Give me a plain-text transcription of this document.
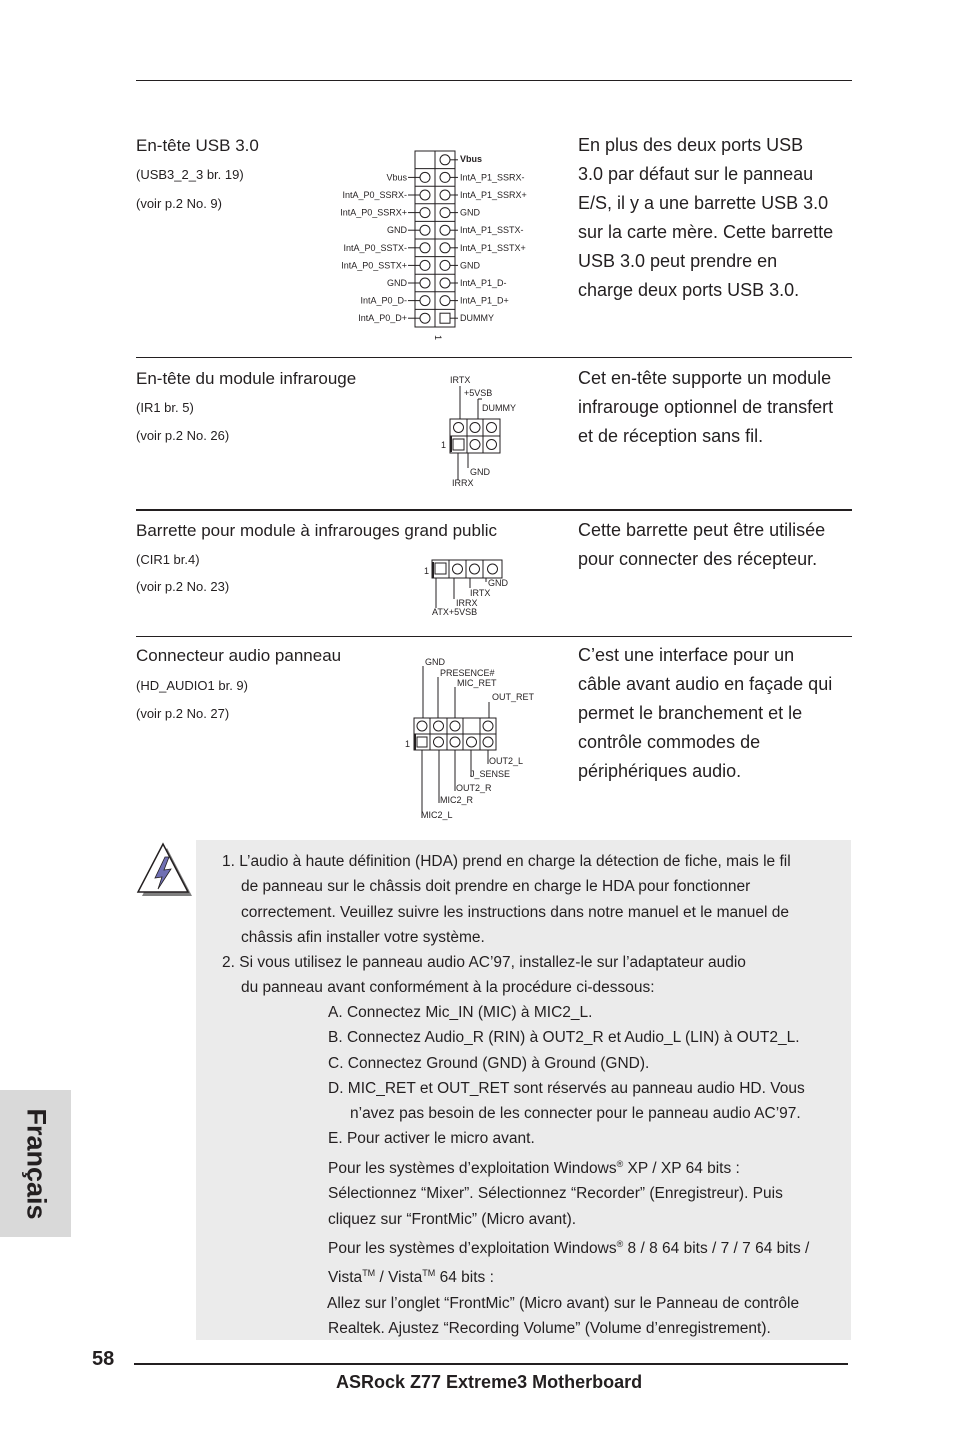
En-tête USB 3.0
(USB3_2_3 br. 19)
(voir p.2 No. 9)
En plus des deux ports USB
3.0 par défaut sur le panneau
E/S, il y a une barrette USB 3.0
sur la carte mère. Cette barrette
USB 3.0 peut prendre en
charge deux ports USB 3.0.
Vbus
Vbus
IntA_P0_SSRX-
IntA_P0_SSRX+
GND
IntA_P0_SSTX-
IntA_P0_SSTX+
GND
IntA_P0_D-
IntA_P0_D+
IntA_P1_SSRX-
IntA_P1_SSRX+
GND
IntA_P1_SSTX-
IntA_P1_SSTX+
GND
IntA_P1_D-
IntA_P1_D+
DUMMY
1
En-tête du module infrarouge
(IR1 br. 5)
(voir p.2 No. 26)
Cet en-tête supporte un module
infrarouge optionnel de transfert
et de réception sans fil.
IRTX
+5VSB
DUMMY
1
GND
IRRX
Barrette pour module à infrarouges grand public
(CIR1 br.4)
(voir p.2 No. 23)
Cette barrette peut être utilisée
pour connecter des récepteur.
1
GND
IRTX
IRRX
ATX+5VSB
Connecteur audio panneau
(HD_AUDIO1 br. 9)
(voir p.2 No. 27)
C’est une interface pour un
câble avant audio en façade qui
permet le branchement et le
contrôle commodes de
périphériques audio.
GND
PRESENCE#
MIC_RET
OUT_RET
1
OUT2_L
J_SENSE
OUT2_R
MIC2_R
MIC2_L
1. L’audio à haute définition (HDA) prend en charge la détection de fiche, mais le fil
de panneau sur le châssis doit prendre en charge le HDA pour fonctionner
correctement. Veuillez suivre les instructions dans notre manuel et le manuel de
châssis afin installer votre système.
2. Si vous utilisez le panneau audio AC’97, installez-le sur l’adaptateur audio
du panneau avant conformément à la procédure ci-dessous:
A. Connectez Mic_IN (MIC) à MIC2_L.
B. Connectez Audio_R (RIN) à OUT2_R et Audio_L (LIN) à OUT2_L.
C. Connectez Ground (GND) à Ground (GND).
D. MIC_RET et OUT_RET sont réservés au panneau audio HD. Vous
n’avez pas besoin de les connecter pour le panneau audio AC’97.
E. Pour activer le micro avant.
Pour les systèmes d’exploitation Windows® XP / XP 64 bits :
Sélectionnez “Mixer”. Sélectionnez “Recorder” (Enregistreur). Puis
cliquez sur “FrontMic” (Micro avant).
Pour les systèmes d’exploitation Windows® 8 / 8 64 bits / 7 / 7 64 bits /
Vista™ / Vista™ 64 bits :
Allez sur l’onglet “FrontMic” (Micro avant) sur le Panneau de contrôle
Realtek. Ajustez “Recording Volume” (Volume d’enregistrement).
Français
58
ASRock Z77 Extreme3 Motherboard
